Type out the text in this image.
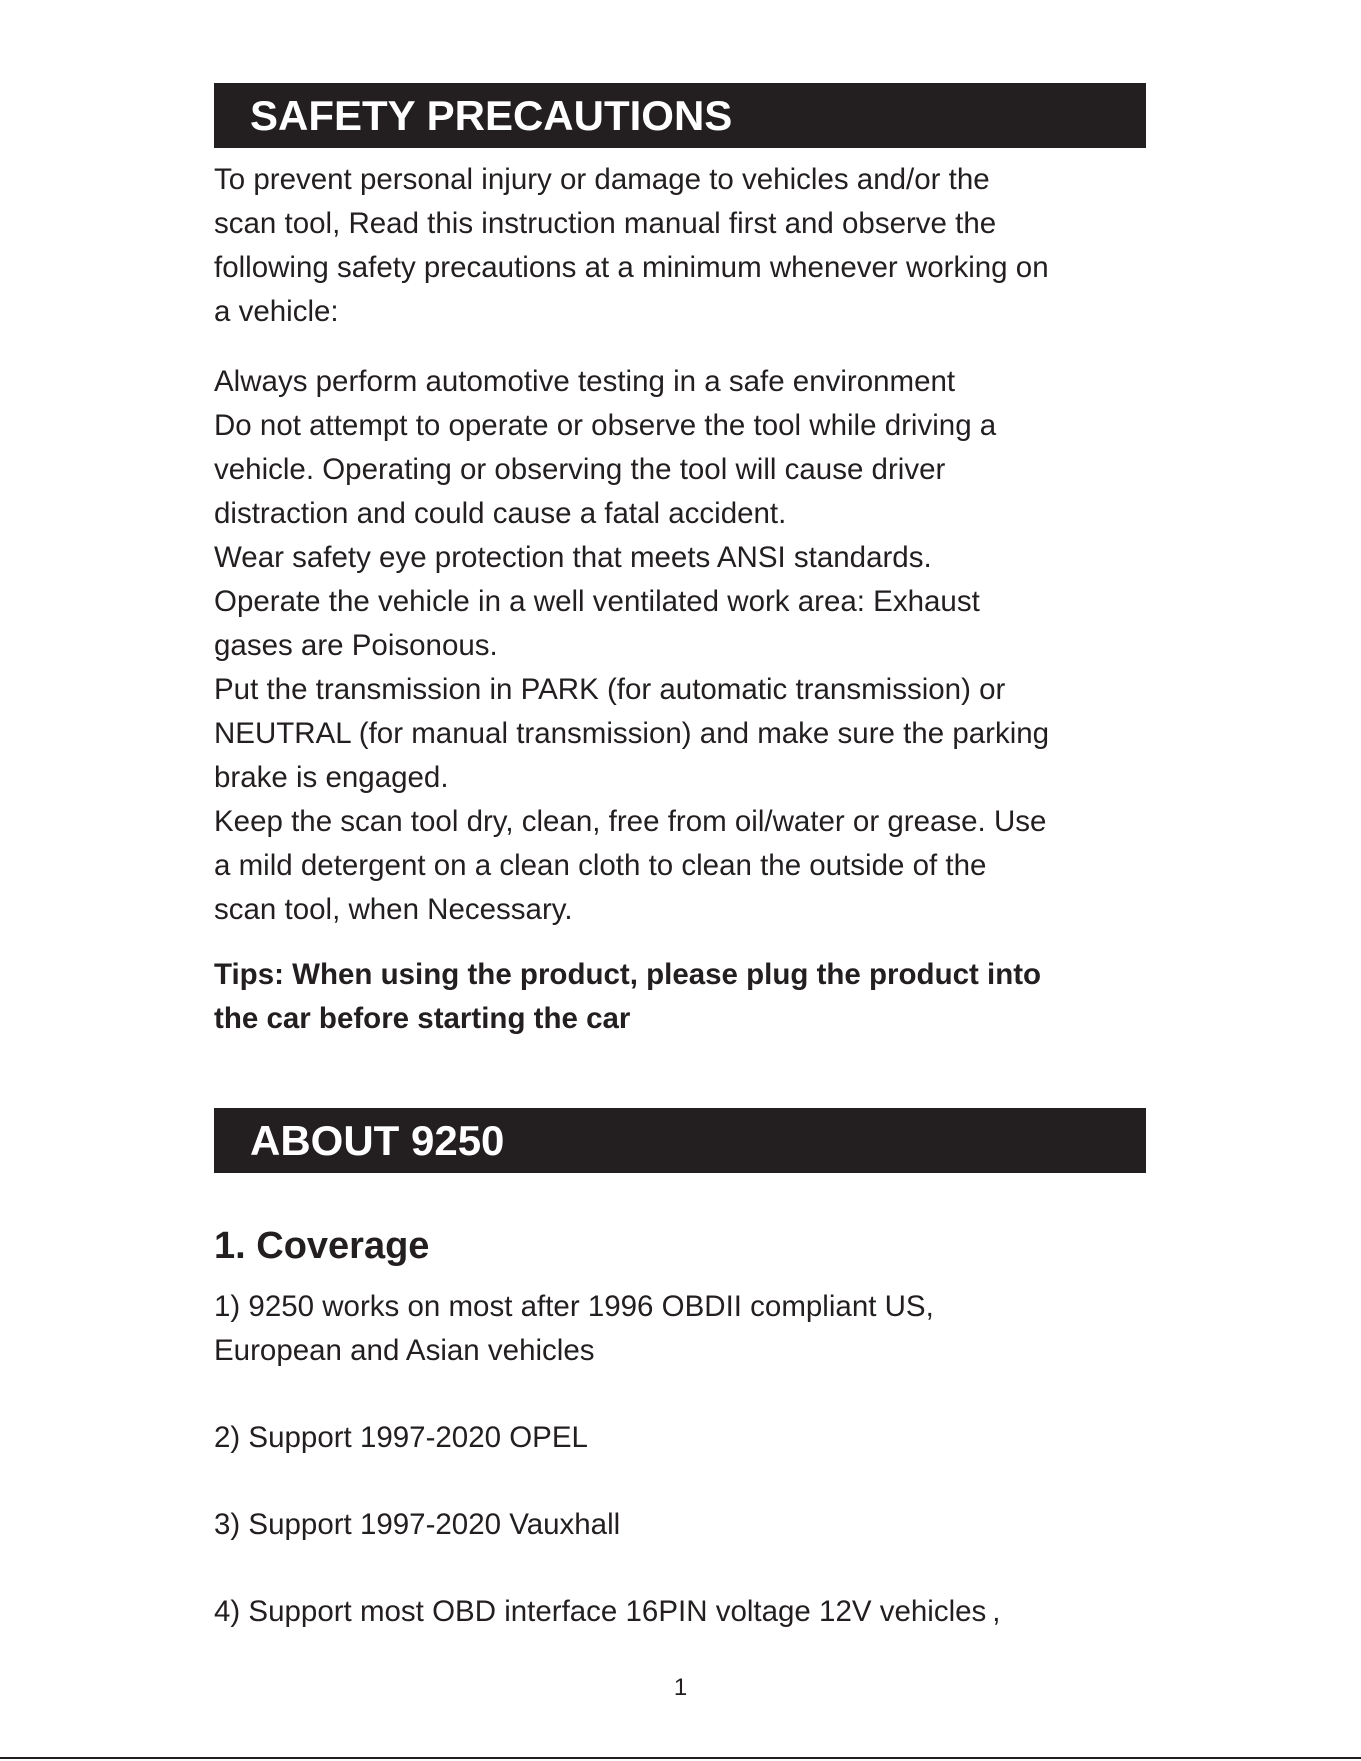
SAFETY PRECAUTIONS
To prevent personal injury or damage to vehicles and/or the
scan tool, Read this instruction manual first and observe the
following safety precautions at a minimum whenever working on
a vehicle:
Always perform automotive testing in a safe environment
Do not attempt to operate or observe the tool while driving a
vehicle. Operating or observing the tool will cause driver
distraction and could cause a fatal accident.
Wear safety eye protection that meets ANSI standards.
Operate the vehicle in a well ventilated work area: Exhaust
gases are Poisonous.
Put the transmission in PARK (for automatic transmission) or
NEUTRAL (for manual transmission) and make sure the parking
brake is engaged.
Keep the scan tool dry, clean, free from oil/water or grease. Use
a mild detergent on a clean cloth to clean the outside of the
scan tool, when Necessary.
Tips: When using the product, please plug the product into
the car before starting the car
ABOUT 9250
1. Coverage
1) 9250 works on most after 1996 OBDII compliant US,
European and Asian vehicles
2) Support 1997-2020 OPEL
3) Support 1997-2020 Vauxhall
4) Support most OBD interface 16PIN voltage 12V vehicles ,
1
